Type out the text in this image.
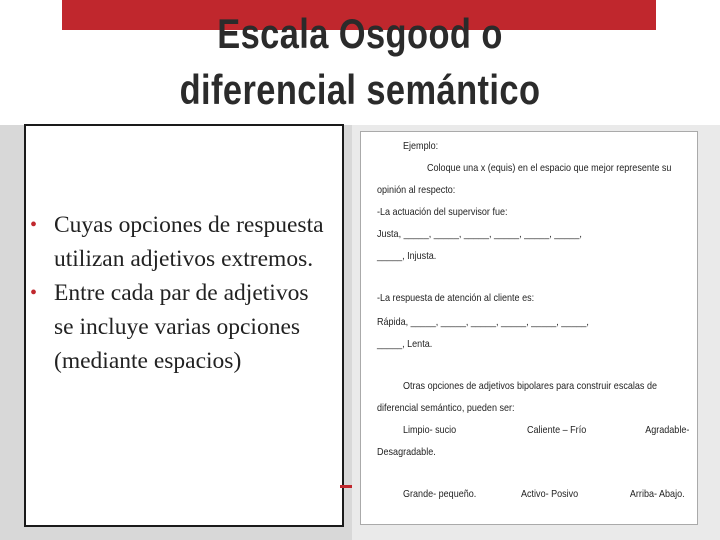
Escala Osgood o
diferencial semántico
• Cuyas opciones de respuesta utilizan adjetivos extremos.
• Entre cada par de adjetivos se incluye varias opciones (mediante espacios)
Ejemplo:
Coloque una x (equis) en el espacio que mejor represente su
opinión al respecto:
-La actuación del supervisor fue:
Justa, _____, _____, _____, _____, _____, _____,
_____, Injusta.
-La respuesta de atención al cliente es:
Rápida, _____, _____, _____, _____, _____, _____,
_____, Lenta.
Otras opciones de adjetivos bipolares para construir escalas de
diferencial semántico, pueden ser:
Limpio- sucio	Caliente – Frío	Agradable-
Desagradable.
Grande- pequeño.	Activo- Posivo	Arriba- Abajo.
